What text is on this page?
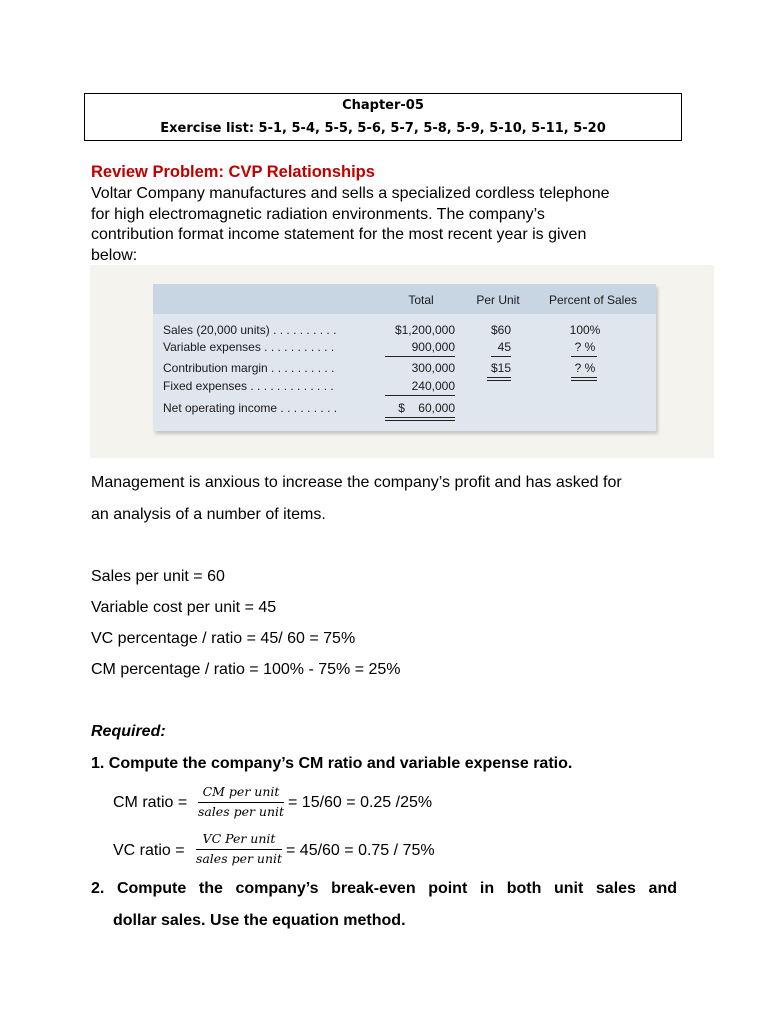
Chapter-05
Exercise list: 5-1, 5-4, 5-5, 5-6, 5-7, 5-8, 5-9, 5-10, 5-11, 5-20
Review Problem: CVP Relationships
Voltar Company manufactures and sells a specialized cordless telephone
for high electromagnetic radiation environments. The company’s
contribution format income statement for the most recent year is given
below:
Total	Per Unit	Percent of Sales
Sales (20,000 units) . . . . . . . . . .	$1,200,000	$60	100%
Variable expenses . . . . . . . . . . .	900,000	45	? %
Contribution margin . . . . . . . . . .	300,000	$15	? %
Fixed expenses . . . . . . . . . . . . .	240,000
Net operating income . . . . . . . . .	$    60,000
Management is anxious to increase the company’s profit and has asked for
an analysis of a number of items.
Sales per unit = 60
Variable cost per unit = 45
VC percentage / ratio = 45/ 60 = 75%
CM percentage / ratio = 100% - 75% = 25%
Required:
1. Compute the company’s CM ratio and variable expense ratio.
CM ratio =
CM per unit
sales per unit
= 15/60 = 0.25 /25%
VC ratio =
VC Per unit
sales per unit = 45/60 = 0.75 / 75%
2. Compute the company’s break-even point in both unit sales and
dollar sales. Use the equation method.
